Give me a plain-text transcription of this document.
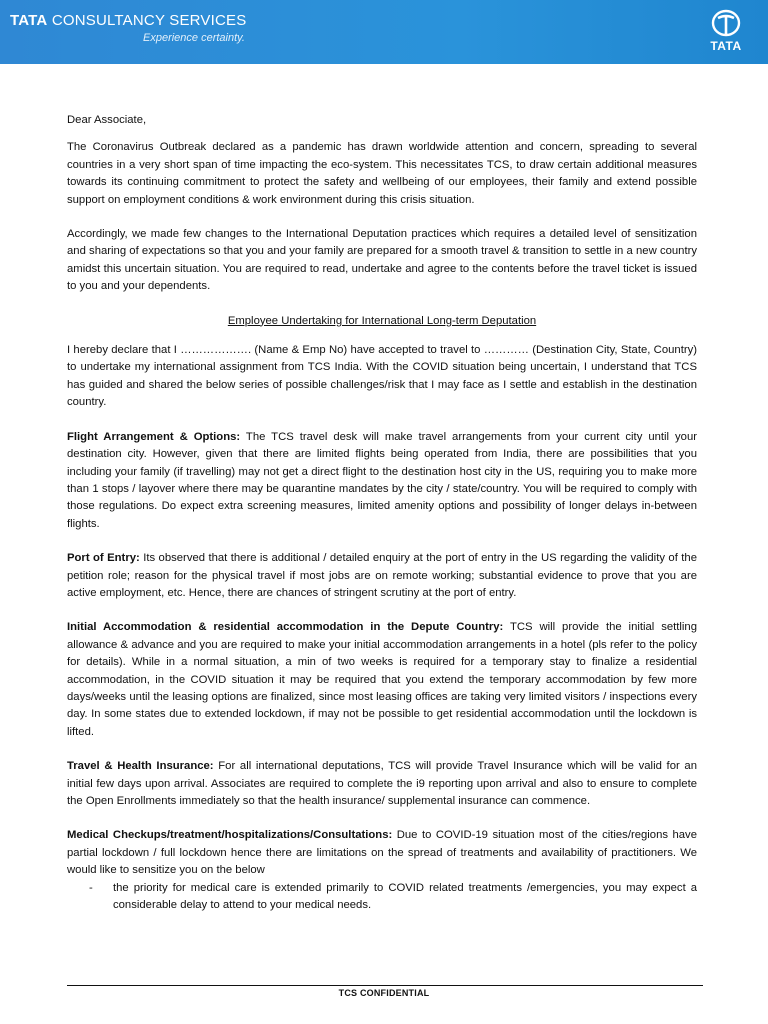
TATA CONSULTANCY SERVICES
Experience certainty.
TATA

Dear Associate,

The Coronavirus Outbreak declared as a pandemic has drawn worldwide attention and concern, spreading to several countries in a very short span of time impacting the eco-system. This necessitates TCS, to draw certain additional measures towards its continuing commitment to protect the safety and wellbeing of our employees, their family and extend possible support on employment conditions & work environment during this crisis situation.

Accordingly, we made few changes to the International Deputation practices which requires a detailed level of sensitization and sharing of expectations so that you and your family are prepared for a smooth travel & transition to settle in a new country amidst this uncertain situation. You are required to read, undertake and agree to the contents before the travel ticket is issued to you and your dependents.

Employee Undertaking for International Long-term Deputation

I hereby declare that I ………………. (Name & Emp No) have accepted to travel to ………… (Destination City, State, Country) to undertake my international assignment from TCS India. With the COVID situation being uncertain, I understand that TCS has guided and shared the below series of possible challenges/risk that I may face as I settle and establish in the destination country.

Flight Arrangement & Options: The TCS travel desk will make travel arrangements from your current city until your destination city. However, given that there are limited flights being operated from India, there are possibilities that you including your family (if travelling) may not get a direct flight to the destination host city in the US, requiring you to make more than 1 stops / layover where there may be quarantine mandates by the city / state/country. You will be required to comply with those regulations. Do expect extra screening measures, limited amenity options and possibility of longer delays in-between flights.

Port of Entry: Its observed that there is additional / detailed enquiry at the port of entry in the US regarding the validity of the petition role; reason for the physical travel if most jobs are on remote working; substantial evidence to prove that you are active employment, etc. Hence, there are chances of stringent scrutiny at the port of entry.

Initial Accommodation & residential accommodation in the Depute Country: TCS will provide the initial settling allowance & advance and you are required to make your initial accommodation arrangements in a hotel (pls refer to the policy for details). While in a normal situation, a min of two weeks is required for a temporary stay to finalize a residential accommodation, in the COVID situation it may be required that you extend the temporary accommodation by few more days/weeks until the leasing options are finalized, since most leasing offices are taking very limited visitors / inspections every day. In some states due to extended lockdown, if may not be possible to get residential accommodation until the lockdown is lifted.

Travel & Health Insurance: For all international deputations, TCS will provide Travel Insurance which will be valid for an initial few days upon arrival. Associates are required to complete the i9 reporting upon arrival and also to ensure to complete the Open Enrollments immediately so that the health insurance/ supplemental insurance can commence.

Medical Checkups/treatment/hospitalizations/Consultations: Due to COVID-19 situation most of the cities/regions have partial lockdown / full lockdown hence there are limitations on the spread of treatments and availability of practitioners. We would like to sensitize you on the below

- the priority for medical care is extended primarily to COVID related treatments /emergencies, you may expect a considerable delay to attend to your medical needs.

TCS CONFIDENTIAL
